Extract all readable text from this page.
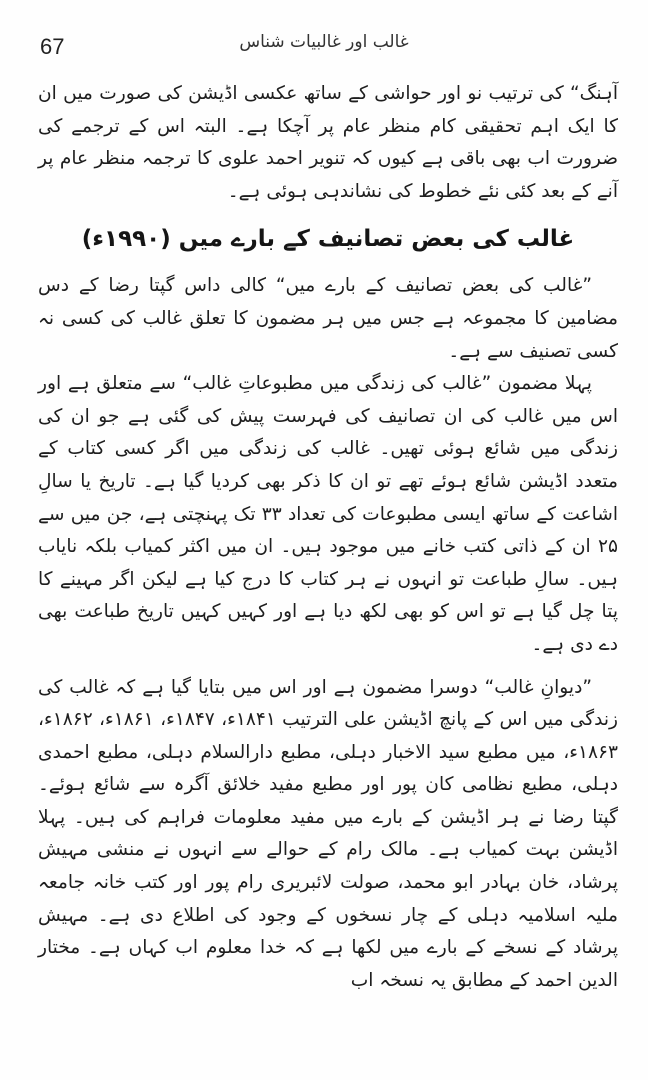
67	غالب اور غالبیات شناس

آہنگ“ کی ترتیب نو اور حواشی کے ساتھ عکسی اڈیشن کی صورت میں ان کا ایک اہم تحقیقی کام منظر عام پر آچکا ہے۔ البتہ اس کے ترجمے کی ضرورت اب بھی باقی ہے کیوں کہ تنویر احمد علوی کا ترجمہ منظر عام پر آنے کے بعد کئی نئے خطوط کی نشاندہی ہوئی ہے۔

غالب کی بعض تصانیف کے بارے میں (۱۹۹۰ء)

”غالب کی بعض تصانیف کے بارے میں“ کالی داس گپتا رضا کے دس مضامین کا مجموعہ ہے جس میں ہر مضمون کا تعلق غالب کی کسی نہ کسی تصنیف سے ہے۔

پہلا مضمون ”غالب کی زندگی میں مطبوعاتِ غالب“ سے متعلق ہے اور اس میں غالب کی ان تصانیف کی فہرست پیش کی گئی ہے جو ان کی زندگی میں شائع ہوئی تھیں۔ غالب کی زندگی میں اگر کسی کتاب کے متعدد اڈیشن شائع ہوئے تھے تو ان کا ذکر بھی کردیا گیا ہے۔ تاریخ یا سالِ اشاعت کے ساتھ ایسی مطبوعات کی تعداد ۳۳ تک پہنچتی ہے، جن میں سے ۲۵ ان کے ذاتی کتب خانے میں موجود ہیں۔ ان میں اکثر کمیاب بلکہ نایاب ہیں۔ سالِ طباعت تو انہوں نے ہر کتاب کا درج کیا ہے لیکن اگر مہینے کا پتا چل گیا ہے تو اس کو بھی لکھ دیا ہے اور کہیں کہیں تاریخ طباعت بھی دے دی ہے۔

”دیوانِ غالب“ دوسرا مضمون ہے اور اس میں بتایا گیا ہے کہ غالب کی زندگی میں اس کے پانچ اڈیشن علی الترتیب ۱۸۴۱ء، ۱۸۴۷ء، ۱۸۶۱ء، ۱۸۶۲ء، ۱۸۶۳ء، میں مطبع سید الاخبار دہلی، مطبع دارالسلام دہلی، مطبع احمدی دہلی، مطبع نظامی کان پور اور مطبع مفید خلائق آگرہ سے شائع ہوئے۔ گپتا رضا نے ہر اڈیشن کے بارے میں مفید معلومات فراہم کی ہیں۔ پہلا اڈیشن بہت کمیاب ہے۔ مالک رام کے حوالے سے انہوں نے منشی مہیش پرشاد، خان بہادر ابو محمد، صولت لائبریری رام پور اور کتب خانہ جامعہ ملیہ اسلامیہ دہلی کے چار نسخوں کے وجود کی اطلاع دی ہے۔ مہیش پرشاد کے نسخے کے بارے میں لکھا ہے کہ خدا معلوم اب کہاں ہے۔ مختار الدین احمد کے مطابق یہ نسخہ اب
